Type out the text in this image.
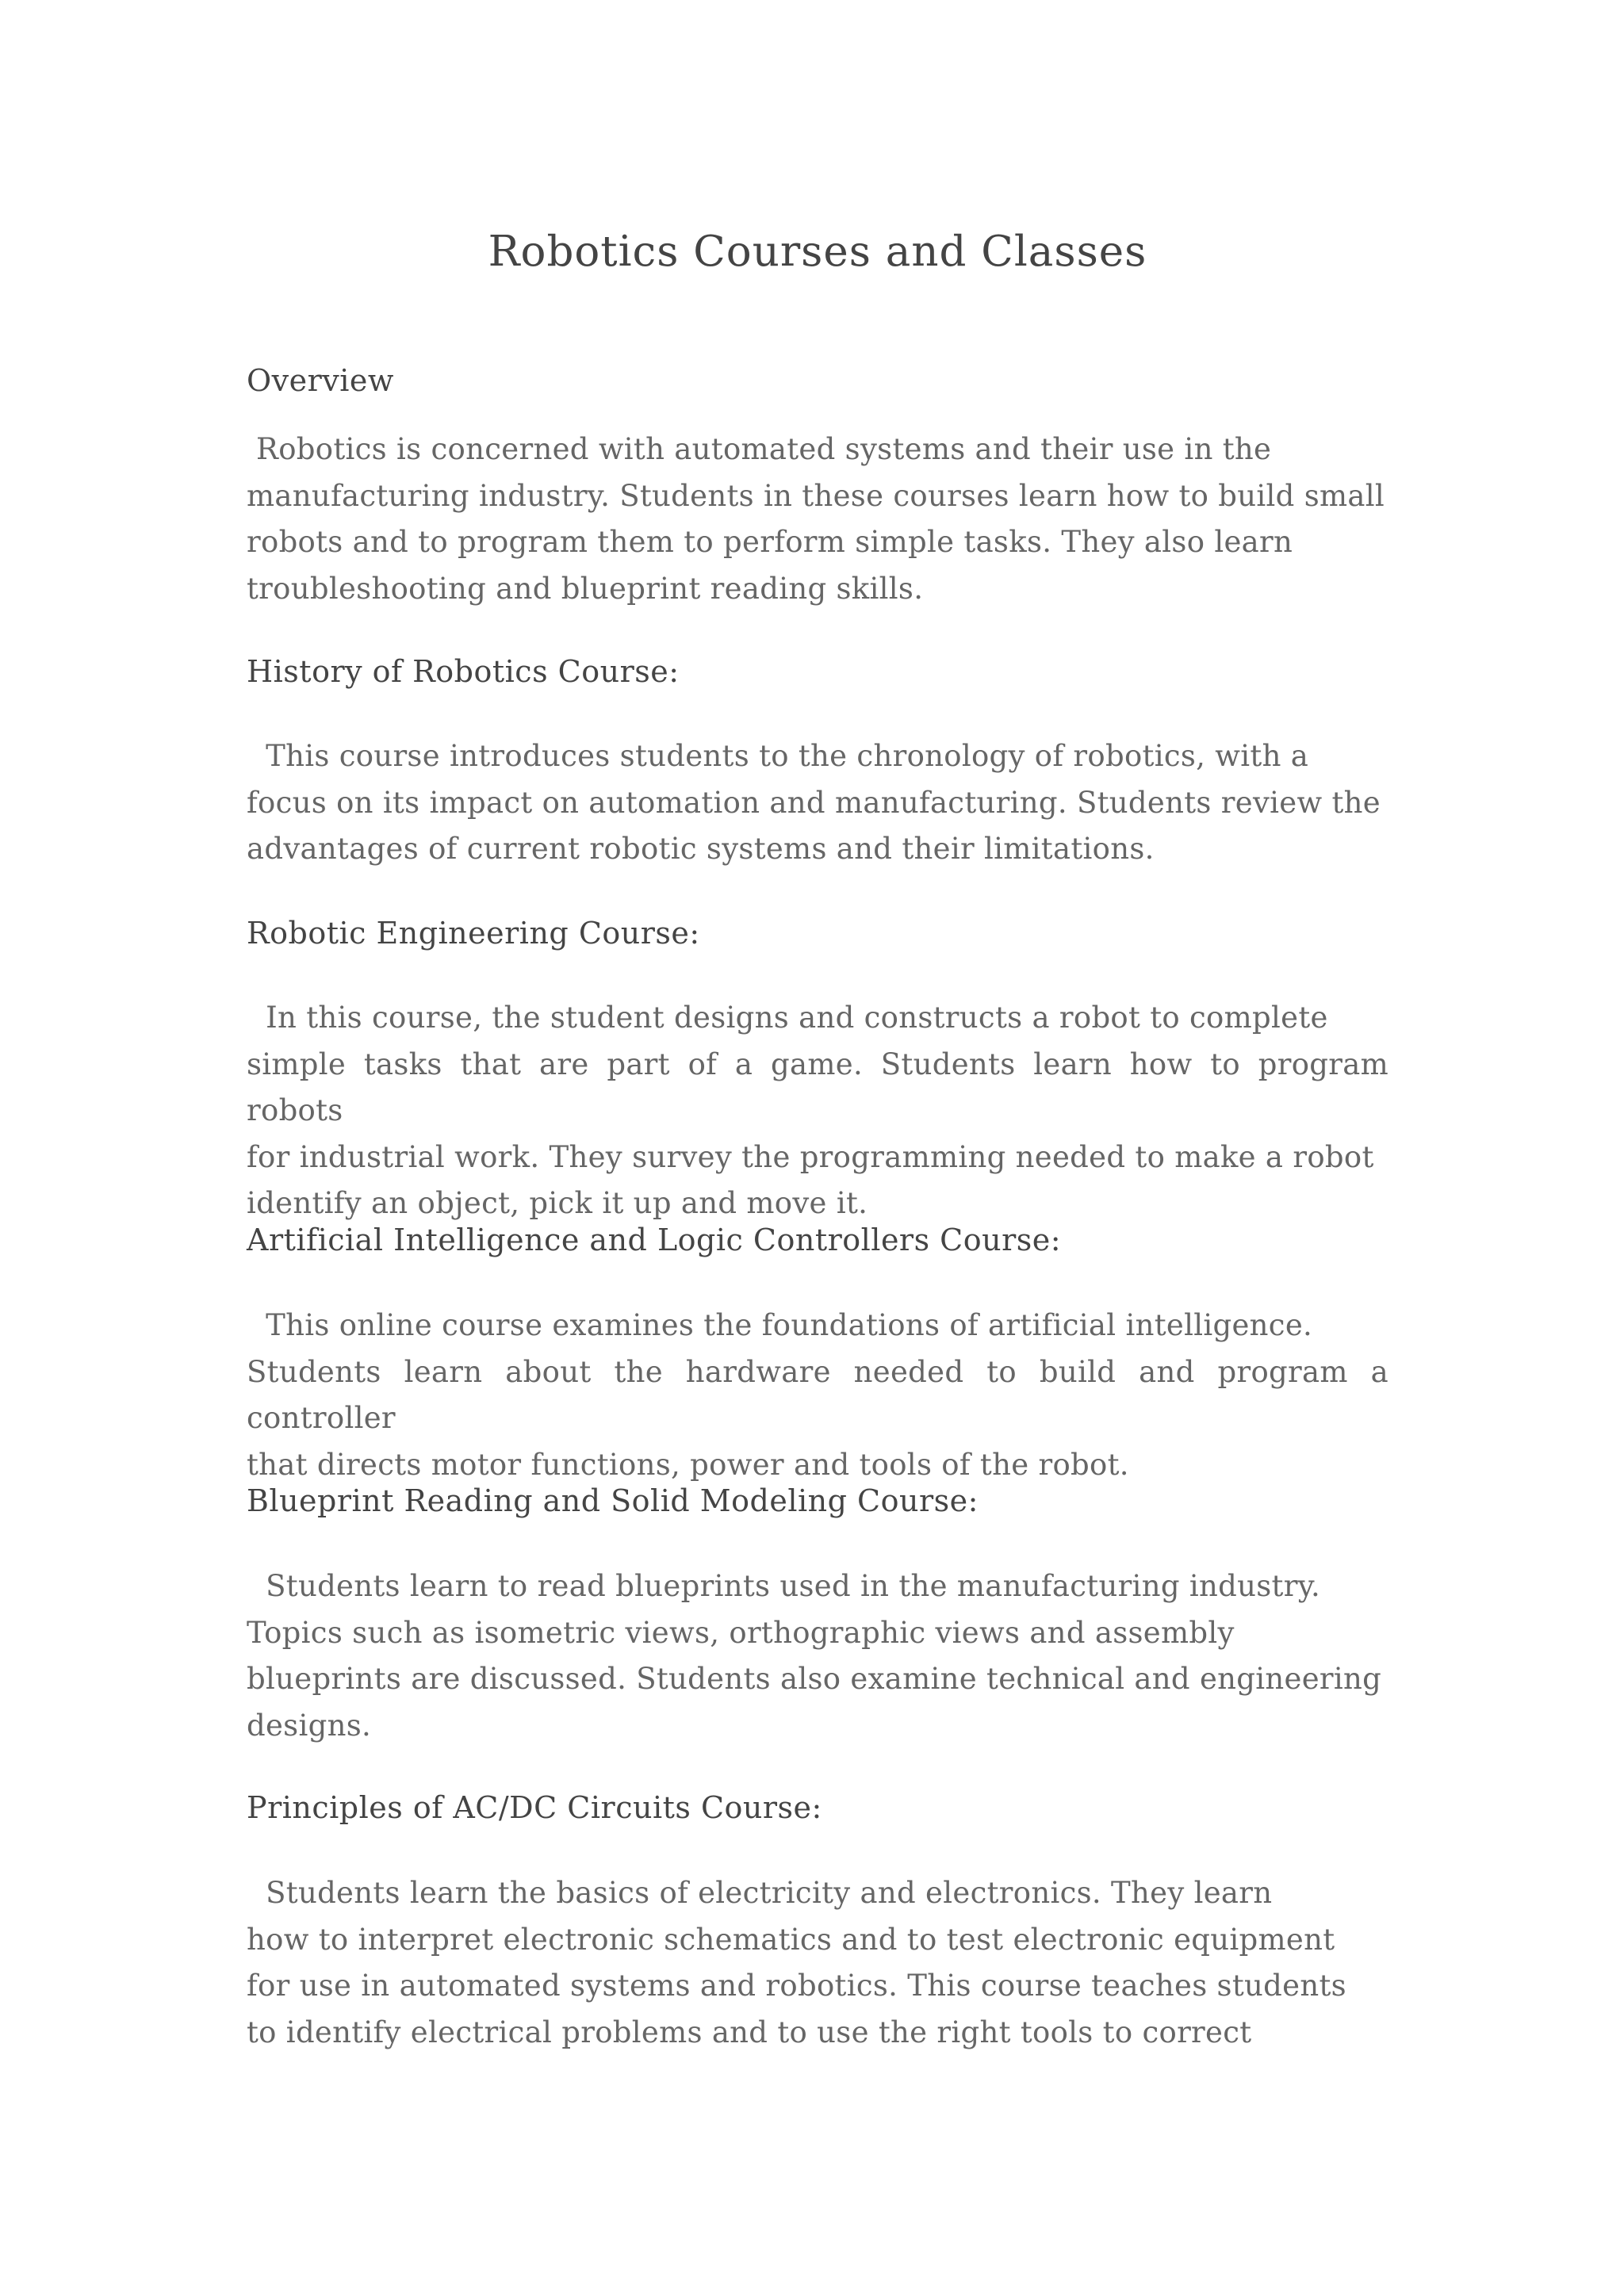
Robotics Courses and Classes
Overview
Robotics is concerned with automated systems and their use in the
manufacturing industry. Students in these courses learn how to build small
robots and to program them to perform simple tasks. They also learn
troubleshooting and blueprint reading skills.
History of Robotics Course:
This course introduces students to the chronology of robotics, with a
focus on its impact on automation and manufacturing. Students review the
advantages of current robotic systems and their limitations.
Robotic Engineering Course:
In this course, the student designs and constructs a robot to complete
simple tasks that are part of a game. Students learn how to program robots
for industrial work. They survey the programming needed to make a robot
identify an object, pick it up and move it.
Artificial Intelligence and Logic Controllers Course:
This online course examines the foundations of artificial intelligence.
Students learn about the hardware needed to build and program a controller
that directs motor functions, power and tools of the robot.
Blueprint Reading and Solid Modeling Course:
Students learn to read blueprints used in the manufacturing industry.
Topics such as isometric views, orthographic views and assembly
blueprints are discussed. Students also examine technical and engineering
designs.
Principles of AC/DC Circuits Course:
Students learn the basics of electricity and electronics. They learn
how to interpret electronic schematics and to test electronic equipment
for use in automated systems and robotics. This course teaches students
to identify electrical problems and to use the right tools to correct
